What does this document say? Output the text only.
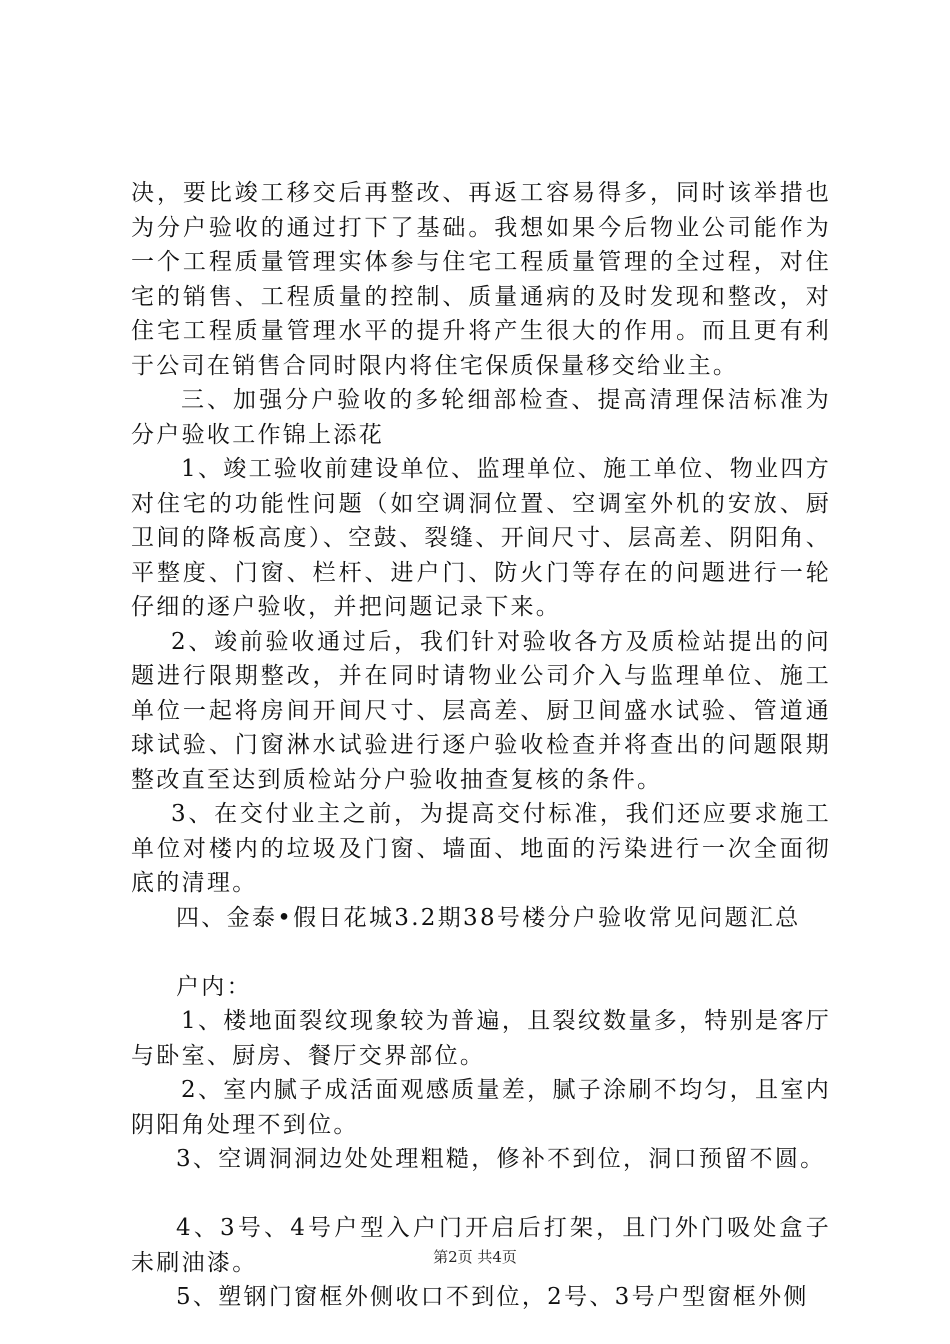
决，要比竣工移交后再整改、再返工容易得多，同时该举措也为分户验收的通过打下了基础。我想如果今后物业公司能作为一个工程质量管理实体参与住宅工程质量管理的全过程，对住宅的销售、工程质量的控制、质量通病的及时发现和整改，对住宅工程质量管理水平的提升将产生很大的作用。而且更有利于公司在销售合同时限内将住宅保质保量移交给业主。

三、加强分户验收的多轮细部检查、提高清理保洁标准为分户验收工作锦上添花

1、竣工验收前建设单位、监理单位、施工单位、物业四方对住宅的功能性问题（如空调洞位置、空调室外机的安放、厨卫间的降板高度）、空鼓、裂缝、开间尺寸、层高差、阴阳角、平整度、门窗、栏杆、进户门、防火门等存在的问题进行一轮仔细的逐户验收，并把问题记录下来。

2、竣前验收通过后，我们针对验收各方及质检站提出的问题进行限期整改，并在同时请物业公司介入与监理单位、施工单位一起将房间开间尺寸、层高差、厨卫间盛水试验、管道通球试验、门窗淋水试验进行逐户验收检查并将查出的问题限期整改直至达到质检站分户验收抽查复核的条件。

3、在交付业主之前，为提高交付标准，我们还应要求施工单位对楼内的垃圾及门窗、墙面、地面的污染进行一次全面彻底的清理。

四、金泰•假日花城3.2期38号楼分户验收常见问题汇总

户内：

1、楼地面裂纹现象较为普遍，且裂纹数量多，特别是客厅与卧室、厨房、餐厅交界部位。

2、室内腻子成活面观感质量差，腻子涂刷不均匀，且室内阴阳角处理不到位。

3、空调洞洞边处处理粗糙，修补不到位，洞口预留不圆。

4、3号、4号户型入户门开启后打架，且门外门吸处盒子未刷油漆。

5、塑钢门窗框外侧收口不到位，2号、3号户型窗框外侧

第2页 共4页
